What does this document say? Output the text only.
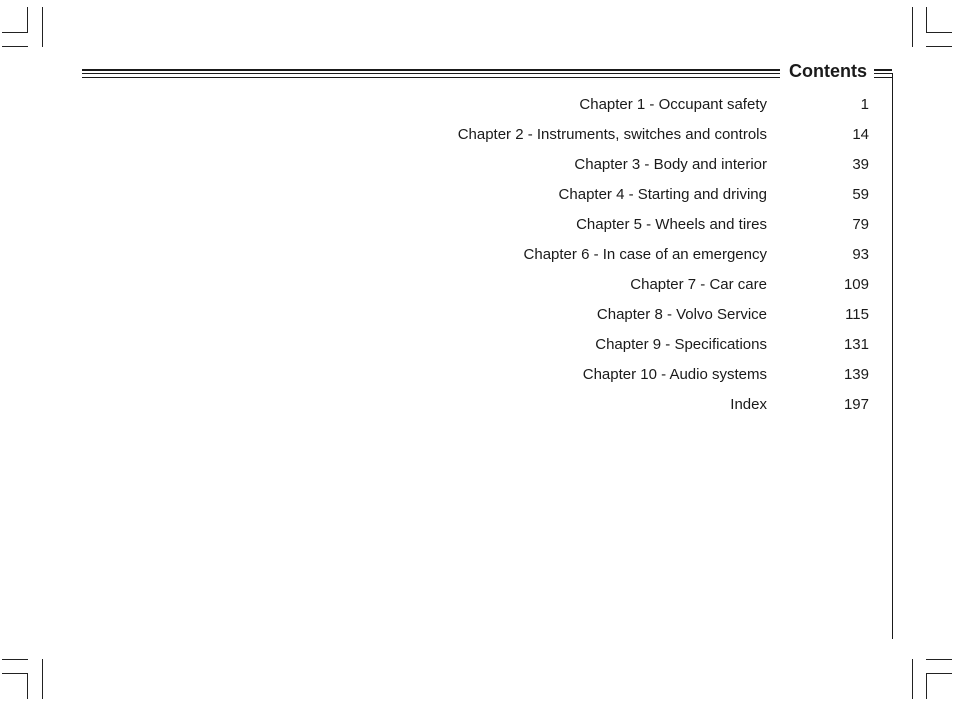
Contents
Chapter 1 - Occupant safety	1
Chapter 2 - Instruments, switches and controls	14
Chapter 3 - Body and interior	39
Chapter 4 - Starting and driving	59
Chapter 5 - Wheels and tires	79
Chapter 6 - In case of an emergency	93
Chapter 7 - Car care	109
Chapter 8 - Volvo Service	115
Chapter 9 - Specifications	131
Chapter 10 - Audio systems	139
Index	197
